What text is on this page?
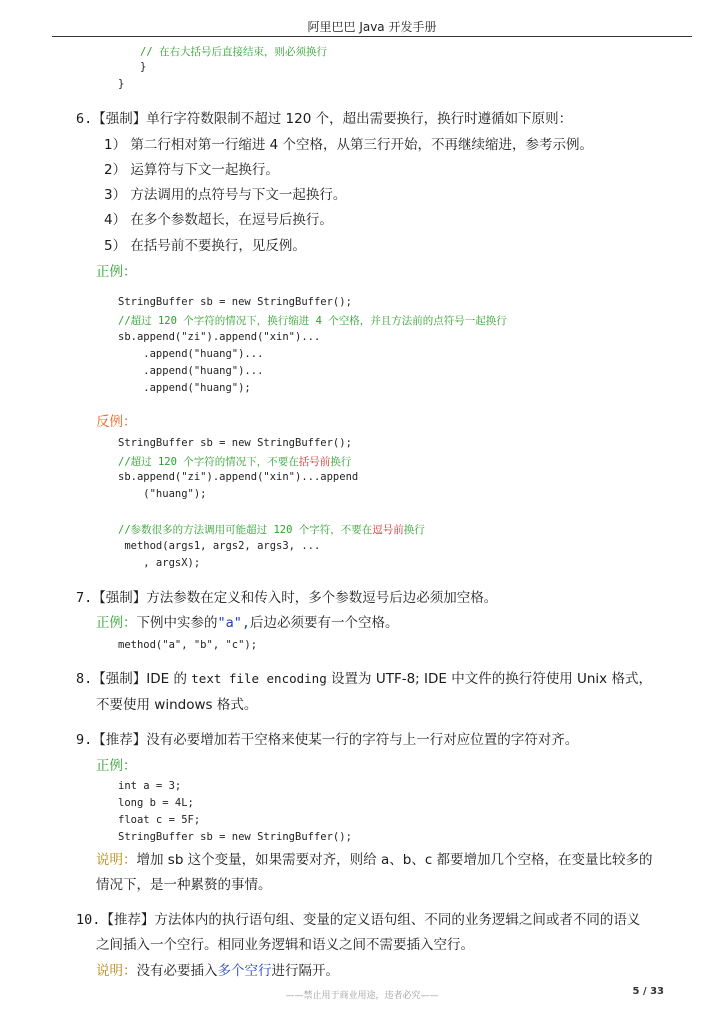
阿里巴巴 Java 开发手册
// 在右大括号后直接结束，则必须换行
}
}
6.【强制】单行字符数限制不超过 120 个，超出需要换行，换行时遵循如下原则：
1） 第二行相对第一行缩进 4 个空格，从第三行开始，不再继续缩进，参考示例。
2） 运算符与下文一起换行。
3） 方法调用的点符号与下文一起换行。
4） 在多个参数超长，在逗号后换行。
5） 在括号前不要换行，见反例。
正例：
StringBuffer sb = new StringBuffer();
//超过 120 个字符的情况下，换行缩进 4 个空格，并且方法前的点符号一起换行
sb.append("zi").append("xin")...
.append("huang")...
.append("huang")...
.append("huang");
反例：
StringBuffer sb = new StringBuffer();
//超过 120 个字符的情况下，不要在括号前换行
sb.append("zi").append("xin")...append
("huang");
//参数很多的方法调用可能超过 120 个字符，不要在逗号前换行
method(args1, args2, args3, ...
, argsX);
7.【强制】方法参数在定义和传入时，多个参数逗号后边必须加空格。
正例：下例中实参的"a",后边必须要有一个空格。
method("a", "b", "c");
8.【强制】IDE 的 text file encoding 设置为 UTF-8; IDE 中文件的换行符使用 Unix 格式，
不要使用 windows 格式。
9.【推荐】没有必要增加若干空格来使某一行的字符与上一行对应位置的字符对齐。
正例：
int a = 3;
long b = 4L;
float c = 5F;
StringBuffer sb = new StringBuffer();
说明：增加 sb 这个变量，如果需要对齐，则给 a、b、c 都要增加几个空格，在变量比较多的
情况下，是一种累赘的事情。
10.【推荐】方法体内的执行语句组、变量的定义语句组、不同的业务逻辑之间或者不同的语义
之间插入一个空行。相同业务逻辑和语义之间不需要插入空行。
说明：没有必要插入多个空行进行隔开。
——禁止用于商业用途，违者必究——	5 / 33
